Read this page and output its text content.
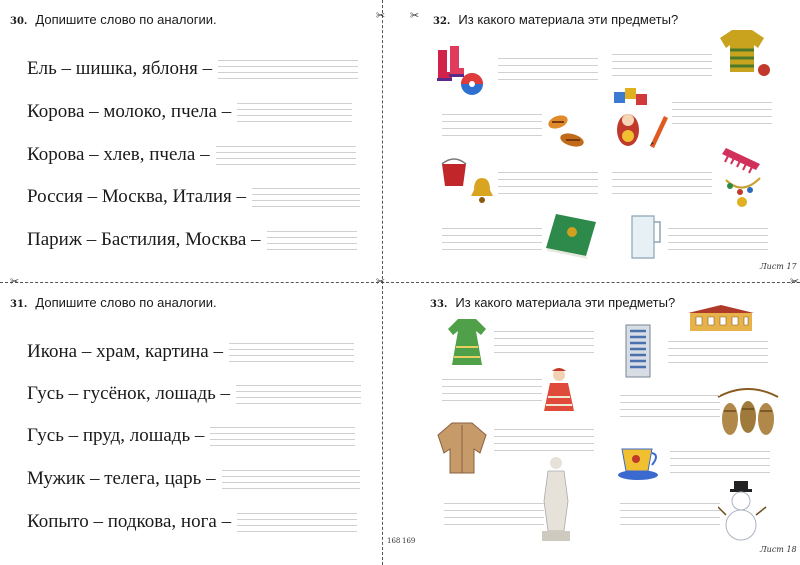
✂
✂	✂
✂
✂
30. Допишите слово по аналогии.
Ель – шишка, яблоня –
Корова – молоко, пчела –
Корова – хлев, пчела –
Россия – Москва, Италия –
Париж – Бастилия, Москва –
31. Допишите слово по аналогии.
Икона – храм, картина –
Гусь – гусёнок, лошадь –
Гусь – пруд, лошадь –
Мужик – телега, царь –
Копыто – подкова, нога –
168
32. Из какого материала эти предметы?
Лист 17
33. Из какого материала эти предметы?
169
Лист 18
